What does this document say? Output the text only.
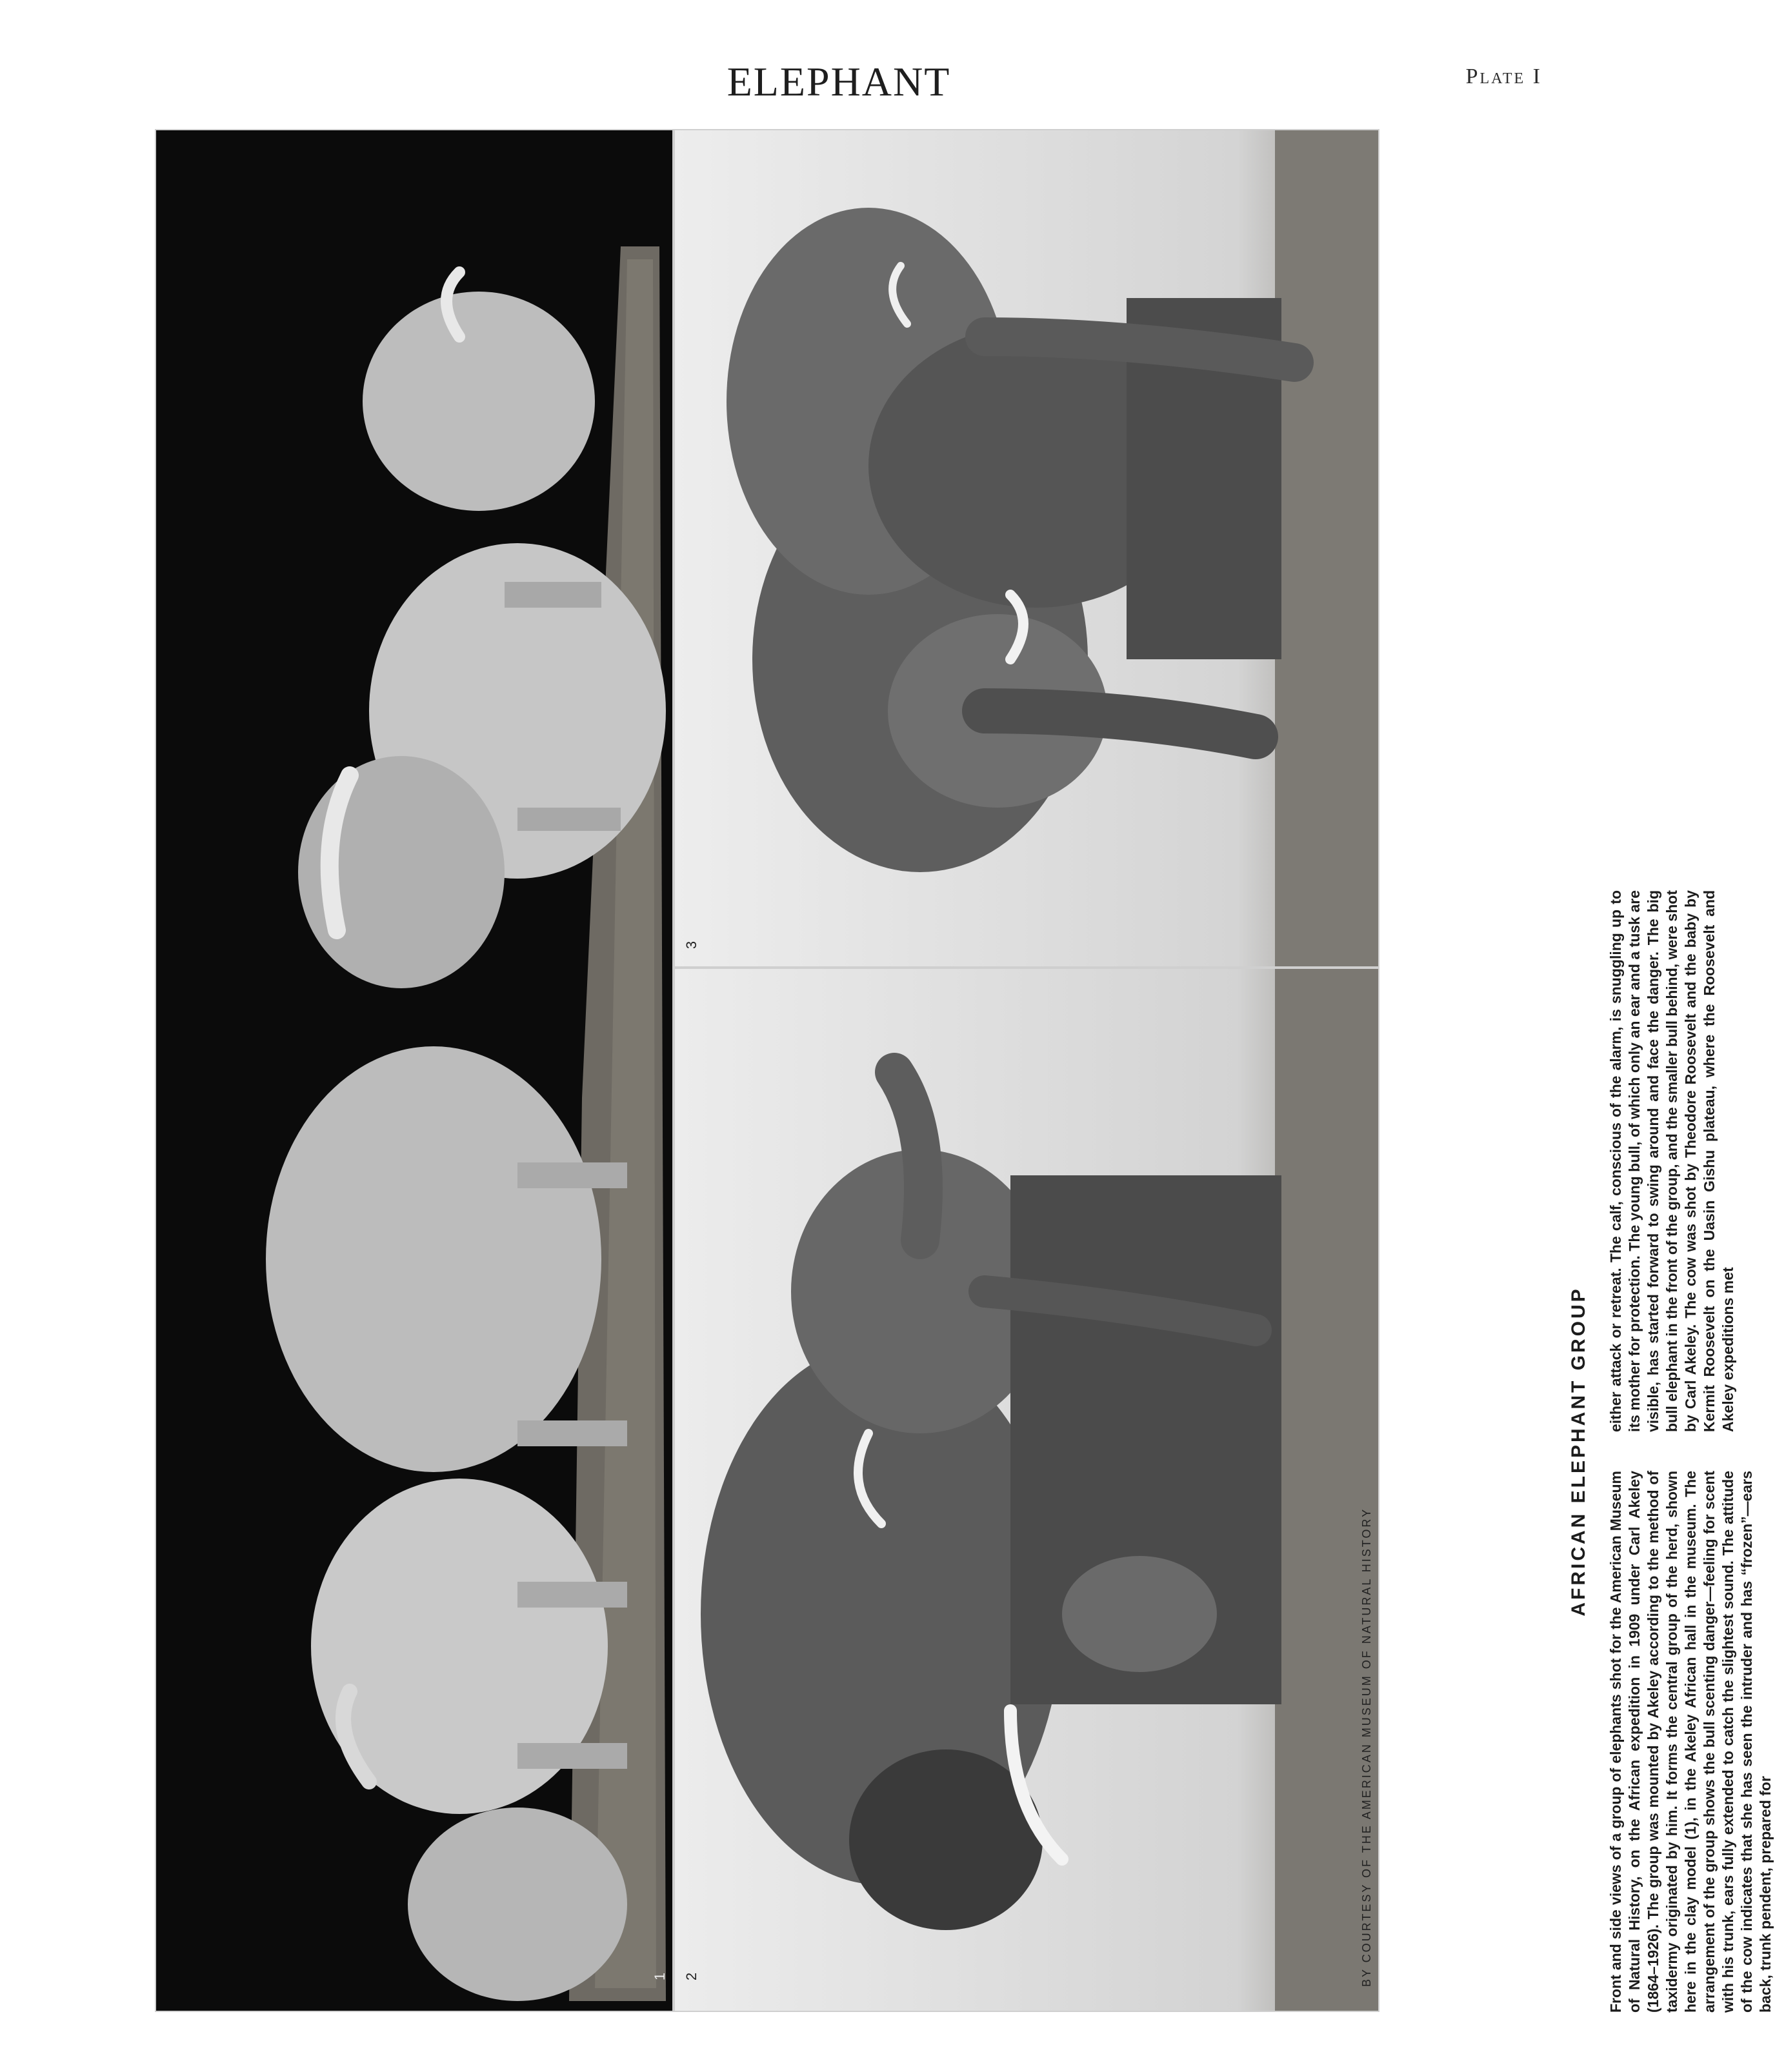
ELEPHANT	Plate I
1
3
2	BY COURTESY OF THE AMERICAN MUSEUM OF NATURAL HISTORY
AFRICAN ELEPHANT GROUP
Front and side views of a group of elephants shot for the American Museum of Natural History, on the African expedition in 1909 under Carl Akeley (1864–1926). The group was mounted by Akeley according to the method of taxidermy originated by him. It forms the central group of the herd, shown here in the clay model (1), in the Akeley African hall in the museum. The arrangement of the group shows the bull scenting danger—feeling for scent with his trunk, ears fully extended to catch the slightest sound. The attitude of the cow indicates that she has seen the intruder and has “frozen”—ears back, trunk pendent, prepared for
either attack or retreat. The calf, conscious of the alarm, is snuggling up to its mother for protection. The young bull, of which only an ear and a tusk are visible, has started forward to swing around and face the danger. The big bull elephant in the front of the group, and the smaller bull behind, were shot by Carl Akeley. The cow was shot by Theodore Roosevelt and the baby by Kermit Roosevelt on the Uasin Gishu plateau, where the Roosevelt and Akeley expeditions met
